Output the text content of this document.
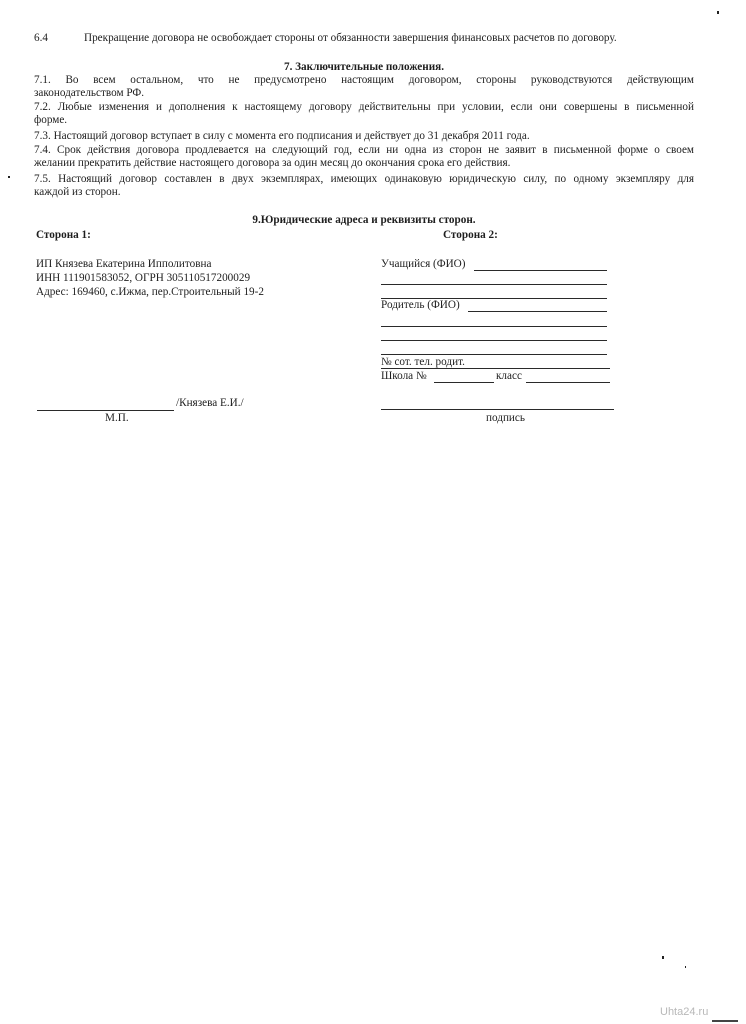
6.4	Прекращение договора не освобождает стороны от обязанности завершения финансовых расчетов по договору.
7. Заключительные положения.
7.1. Во всем остальном, что не предусмотрено настоящим договором, стороны руководствуются действующим
законодательством РФ.
7.2. Любые изменения и дополнения к настоящему договору действительны при условии, если они совершены в письменной
форме.
7.3. Настоящий договор вступает в силу с момента его подписания и действует до 31 декабря 2011 года.
7.4. Срок действия договора продлевается на следующий год, если ни одна из сторон не заявит в письменной форме о своем
желании прекратить действие настоящего договора за один месяц до окончания срока его действия.
7.5. Настоящий договор составлен в двух экземплярах, имеющих одинаковую юридическую силу, по одному экземпляру для
каждой из сторон.
9.Юридические адреса и реквизиты сторон.
Сторона 1:	Сторона 2:
ИП Князева Екатерина Ипполитовна
ИНН 111901583052, ОГРН 305110517200029
Адрес: 169460, с.Ижма, пер.Строительный 19-2
Учащийся (ФИО)
Родитель (ФИО)
№ сот. тел. родит.
Школа №	класс
/Князева Е.И./
М.П.	подпись
Uhta24.ru
